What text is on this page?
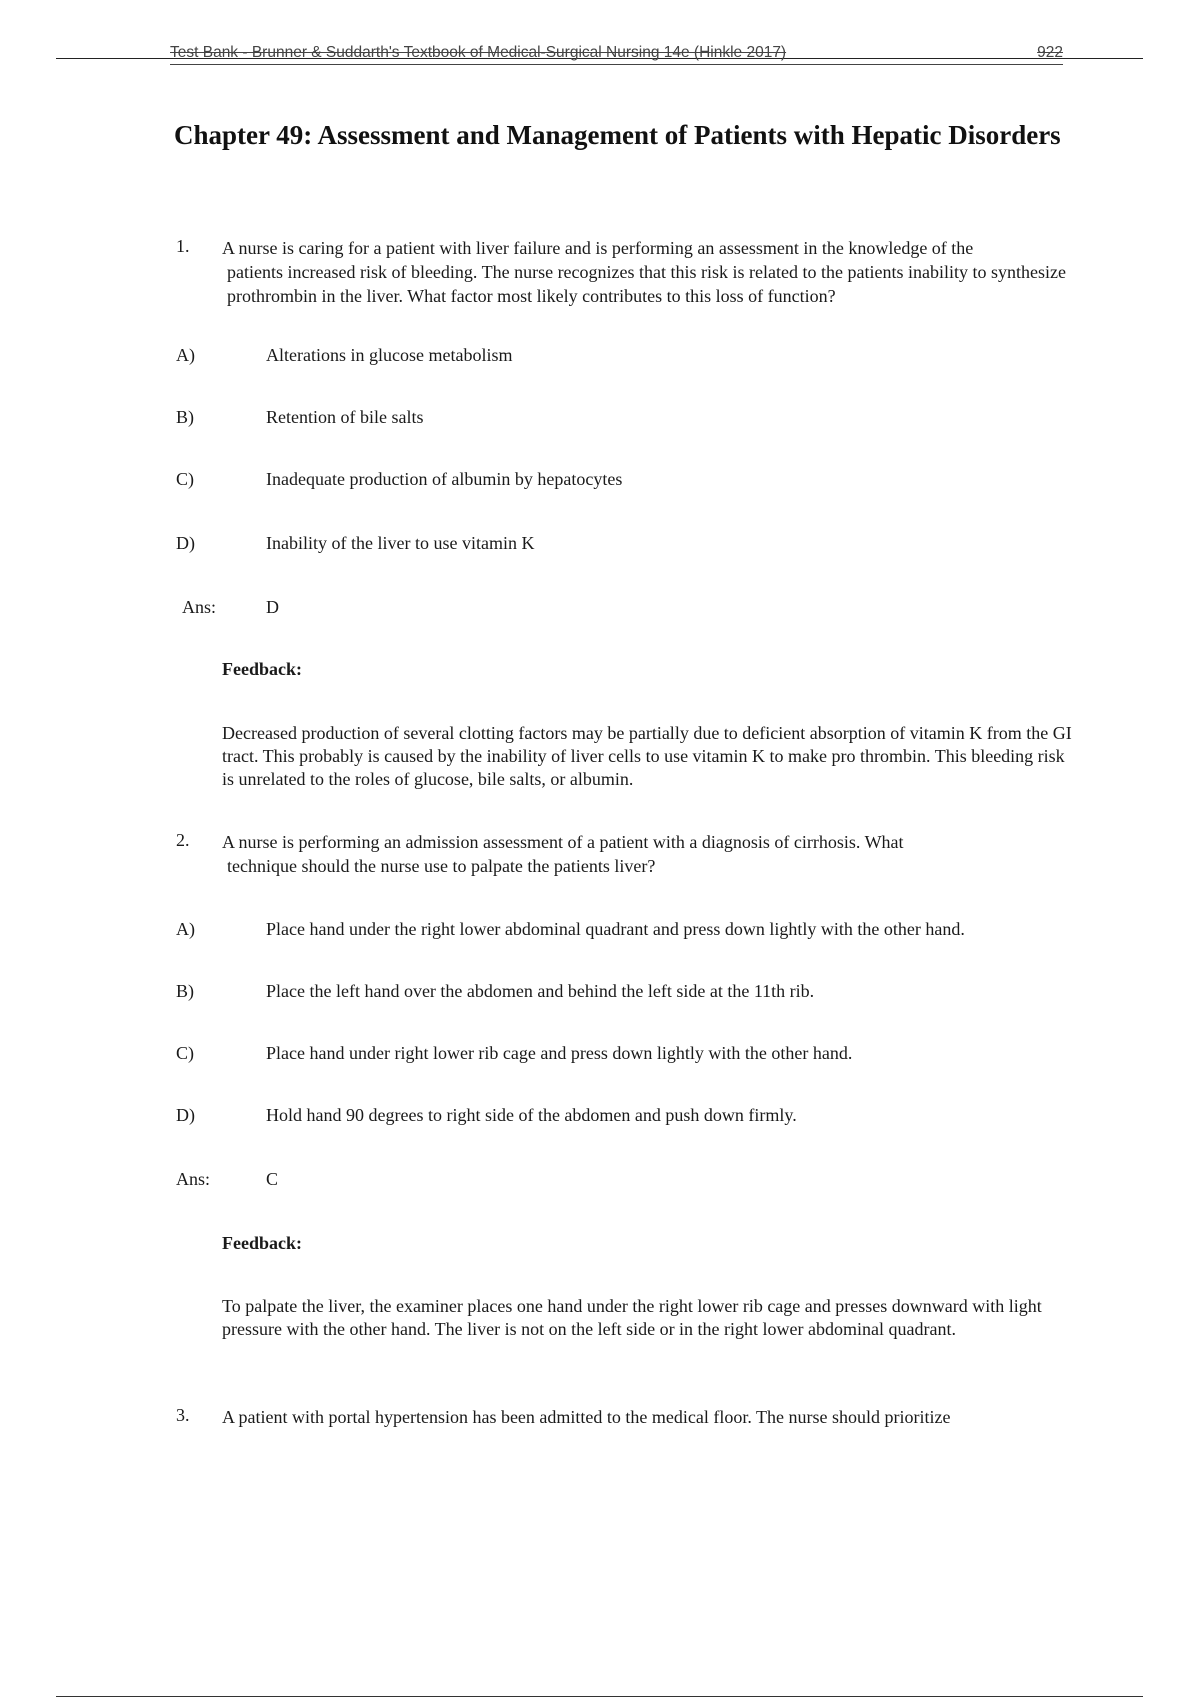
Test Bank - Brunner & Suddarth's Textbook of Medical-Surgical Nursing 14e (Hinkle 2017)	922
Chapter 49: Assessment and Management of Patients with Hepatic Disorders
1. A nurse is caring for a patient with liver failure and is performing an assessment in the knowledge of the
patients increased risk of bleeding. The nurse recognizes that this risk is related to the patients inability to synthesize prothrombin in the liver. What factor most likely contributes to this loss of function?
A)	Alterations in glucose metabolism
B)	Retention of bile salts
C)	Inadequate production of albumin by hepatocytes
D)	Inability of the liver to use vitamin K
Ans:	D
Feedback:
Decreased production of several clotting factors may be partially due to deficient absorption of vitamin K from the GI tract. This probably is caused by the inability of liver cells to use vitamin K to make pro thrombin. This bleeding risk is unrelated to the roles of glucose, bile salts, or albumin.
2. A nurse is performing an admission assessment of a patient with a diagnosis of cirrhosis. What
technique should the nurse use to palpate the patients liver?
A)	Place hand under the right lower abdominal quadrant and press down lightly with the other hand.
B)	Place the left hand over the abdomen and behind the left side at the 11th rib.
C)	Place hand under right lower rib cage and press down lightly with the other hand.
D)	Hold hand 90 degrees to right side of the abdomen and push down firmly.
Ans:	C
Feedback:
To palpate the liver, the examiner places one hand under the right lower rib cage and presses downward with light pressure with the other hand. The liver is not on the left side or in the right lower abdominal quadrant.
3. A patient with portal hypertension has been admitted to the medical floor. The nurse should prioritize
